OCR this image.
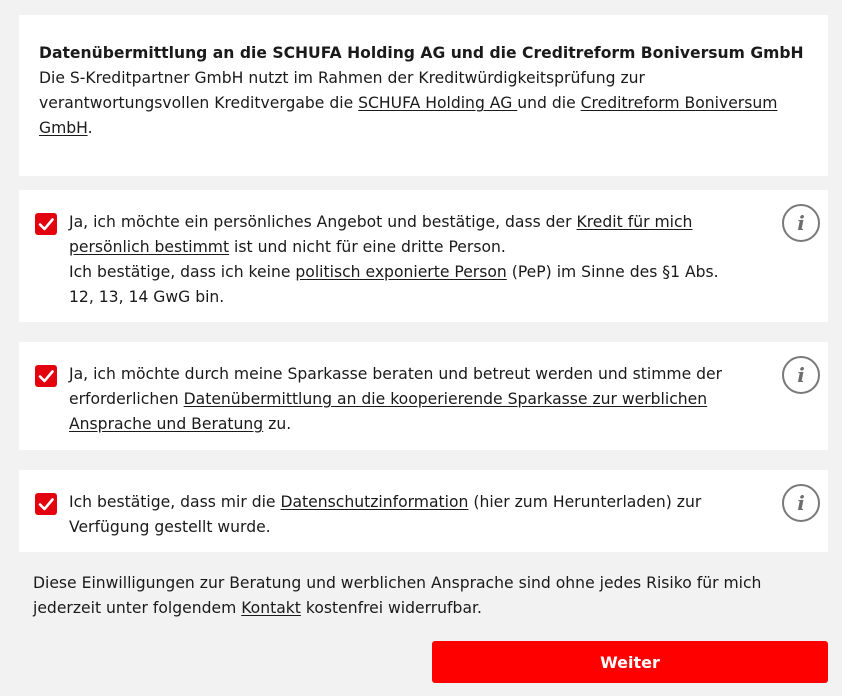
Datenübermittlung an die SCHUFA Holding AG und die Creditreform Boniversum GmbH
Die S-Kreditpartner GmbH nutzt im Rahmen der Kreditwürdigkeitsprüfung zur verantwortungsvollen Kreditvergabe die SCHUFA Holding AG und die Creditreform Boniversum GmbH.
Ja, ich möchte ein persönliches Angebot und bestätige, dass der Kredit für mich persönlich bestimmt ist und nicht für eine dritte Person.
Ich bestätige, dass ich keine politisch exponierte Person (PeP) im Sinne des §1 Abs. 12, 13, 14 GwG bin.
i
Ja, ich möchte durch meine Sparkasse beraten und betreut werden und stimme der erforderlichen Datenübermittlung an die kooperierende Sparkasse zur werblichen Ansprache und Beratung zu.
i
Ich bestätige, dass mir die Datenschutzinformation (hier zum Herunterladen) zur Verfügung gestellt wurde.
i
Diese Einwilligungen zur Beratung und werblichen Ansprache sind ohne jedes Risiko für mich jederzeit unter folgendem Kontakt kostenfrei widerrufbar.
Weiter
